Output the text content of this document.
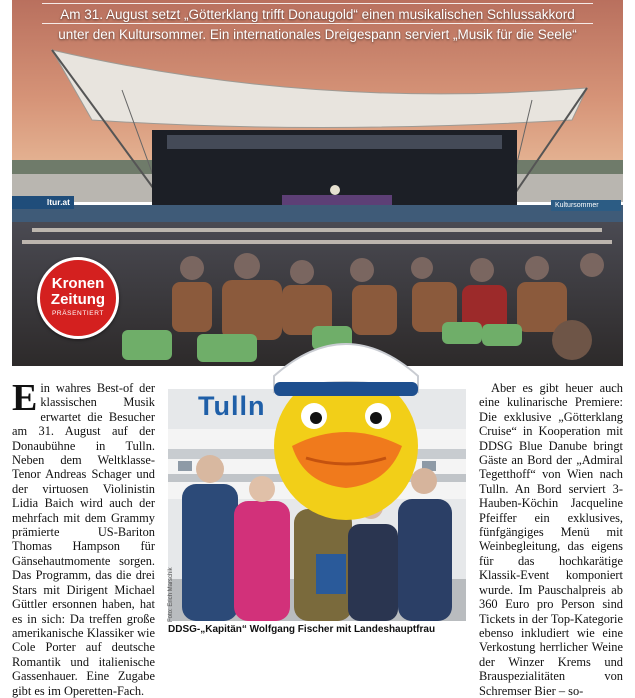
Am 31. August setzt „Götterklang trifft Donaugold“ einen musikalischen Schlussakkord
unter den Kultursommer. Ein internationales Dreigespann serviert „Musik für die Seele“
ltur.at	Kultursommer
Kronen
Zeitung
PRÄSENTIERT

Ein wahres Best-of der klassischen Musik erwartet die Besucher am 31. August auf der Donaubühne in Tulln. Neben dem Weltklasse-Tenor Andreas Schager und der virtuosen Violinistin Lidia Baich wird auch der mehrfach mit dem Grammy prämierte US-Bariton Thomas Hampson für Gänsehautmomente sorgen. Das Programm, das die drei Stars mit Dirigent Michael Güttler ersonnen haben, hat es in sich: Da treffen große amerikanische Klassiker wie Cole Porter auf deutsche Romantik und italienische Gassenhauer. Eine Zugabe gibt es im Operetten-Fach.

Tulln
Foto: Erich Marschik
DDSG-„Kapitän“ Wolfgang Fischer mit Landeshauptfrau

Aber es gibt heuer auch eine kulinarische Premiere: Die exklusive „Götterklang Cruise“ in Kooperation mit DDSG Blue Danube bringt Gäste an Bord der „Admiral Tegetthoff“ von Wien nach Tulln. An Bord serviert 3-Hauben-Köchin Jacqueline Pfeiffer ein exklusives, fünfgängiges Menü mit Weinbegleitung, das eigens für das hochkarätige Klassik-Event komponiert wurde. Im Pauschalpreis ab 360 Euro pro Person sind Tickets in der Top-Kategorie ebenso inkludiert wie eine Verkostung herrlicher Weine der Winzer Krems und Brauspezialitäten von Schremser Bier – so-
